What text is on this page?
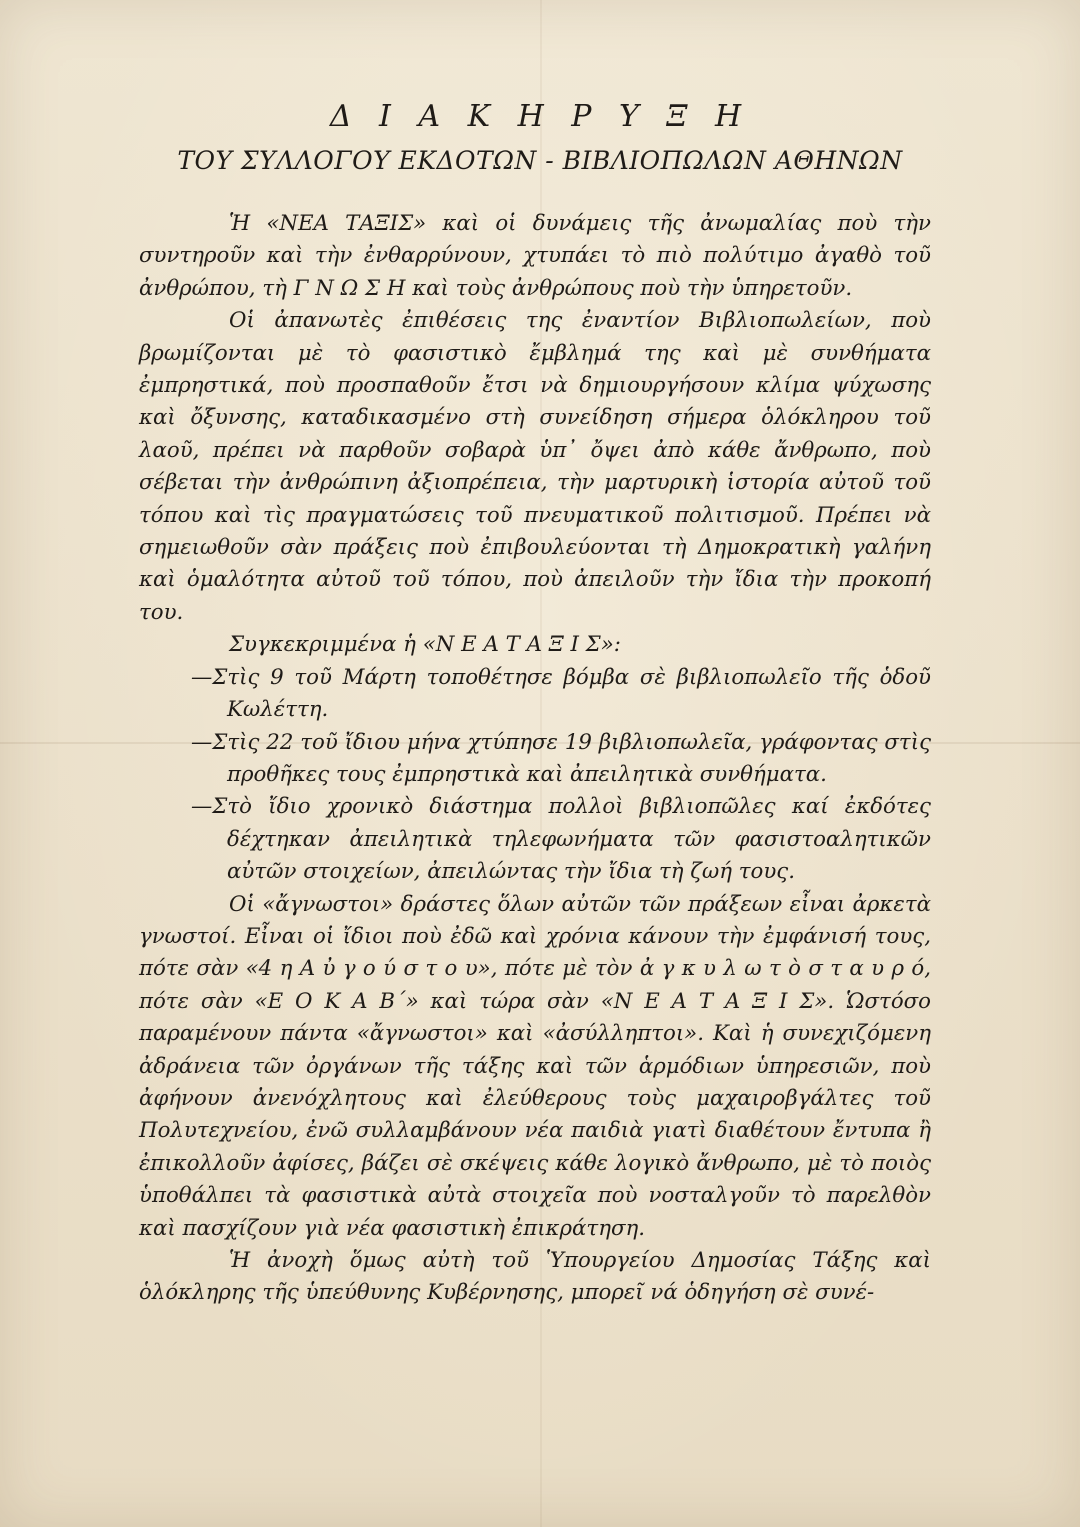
Δ Ι Α Κ Η Ρ Υ Ξ Η
ΤΟΥ ΣΥΛΛΟΓΟΥ ΕΚΔΟΤΩΝ - ΒΙΒΛΙΟΠΩΛΩΝ ΑΘΗΝΩΝ

Ἡ «ΝΕΑ ΤΑΞΙΣ» καὶ οἱ δυνάμεις τῆς ἀνωμαλίας ποὺ τὴν συντηροῦν καὶ τὴν ἐνθαρρύνουν, χτυπάει τὸ πιὸ πολύτιμο ἀγαθὸ τοῦ ἀνθρώπου, τὴ Γ Ν Ω Σ Η καὶ τοὺς ἀνθρώπους ποὺ τὴν ὑπηρετοῦν.

Οἱ ἀπανωτὲς ἐπιθέσεις της ἐναντίον Βιβλιοπωλείων, ποὺ βρωμίζονται μὲ τὸ φασιστικὸ ἔμβλημά της καὶ μὲ συνθήματα ἐμπρηστικά, ποὺ προσπαθοῦν ἔτσι νὰ δημιουργήσουν κλίμα ψύχωσης καὶ ὄξυνσης, καταδικασμένο στὴ συνείδηση σήμερα ὁλόκληρου τοῦ λαοῦ, πρέπει νὰ παρθοῦν σοβαρὰ ὑπ᾿ ὄψει ἀπὸ κάθε ἄνθρωπο, ποὺ σέβεται τὴν ἀνθρώπινη ἀξιοπρέπεια, τὴν μαρτυρικὴ ἱστορία αὐτοῦ τοῦ τόπου καὶ τὶς πραγματώσεις τοῦ πνευματικοῦ πολιτισμοῦ. Πρέπει νὰ σημειωθοῦν σὰν πράξεις ποὺ ἐπιβουλεύονται τὴ Δημοκρατικὴ γαλήνη καὶ ὁμαλότητα αὐτοῦ τοῦ τόπου, ποὺ ἀπειλοῦν τὴν ἴδια τὴν προκοπή του.

Συγκεκριμμένα ἡ «Ν Ε Α Τ Α Ξ Ι Σ»:

—Στὶς 9 τοῦ Μάρτη τοποθέτησε βόμβα σὲ βιβλιοπωλεῖο τῆς ὁδοῦ Κωλέττη.

—Στὶς 22 τοῦ ἴδιου μήνα χτύπησε 19 βιβλιοπωλεῖα, γράφοντας στὶς προθῆκες τους ἐμπρηστικὰ καὶ ἀπειλητικὰ συνθήματα.

—Στὸ ἴδιο χρονικὸ διάστημα πολλοὶ βιβλιοπῶλες καί ἐκδότες δέχτηκαν ἀπειλητικὰ τηλεφωνήματα τῶν φασιστοαλητικῶν αὐτῶν στοιχείων, ἀπειλώντας τὴν ἴδια τὴ ζωή τους.

Οἱ «ἄγνωστοι» δράστες ὅλων αὐτῶν τῶν πράξεων εἶναι ἀρκετὰ γνωστοί. Εἶναι οἱ ἴδιοι ποὺ ἐδῶ καὶ χρόνια κάνουν τὴν ἐμφάνισή τους, πότε σὰν «4 η Α ὐ γ ο ύ σ τ ο υ», πότε μὲ τὸν ἀ γ κ υ λ ω τ ὸ σ τ α υ ρ ό, πότε σὰν «Ε Ο Κ Α Β΄» καὶ τώρα σὰν «Ν Ε Α Τ Α Ξ Ι Σ». Ὡστόσο παραμένουν πάντα «ἄγνωστοι» καὶ «ἀσύλληπτοι». Καὶ ἡ συνεχιζόμενη ἀδράνεια τῶν ὀργάνων τῆς τάξης καὶ τῶν ἁρμόδιων ὑπηρεσιῶν, ποὺ ἀφήνουν ἀνενόχλητους καὶ ἐλεύθερους τοὺς μαχαιροβγάλτες τοῦ Πολυτεχνείου, ἐνῶ συλλαμβάνουν νέα παιδιὰ γιατὶ διαθέτουν ἔντυπα ἢ ἐπικολλοῦν ἀφίσες, βάζει σὲ σκέψεις κάθε λογικὸ ἄνθρωπο, μὲ τὸ ποιὸς ὑποθάλπει τὰ φασιστικὰ αὐτὰ στοιχεῖα ποὺ νοσταλγοῦν τὸ παρελθὸν καὶ πασχίζουν γιὰ νέα φασιστικὴ ἐπικράτηση.

Ἡ ἀνοχὴ ὅμως αὐτὴ τοῦ Ὑπουργείου Δημοσίας Τάξης καὶ ὁλόκληρης τῆς ὑπεύθυνης Κυβέρνησης, μπορεῖ νά ὁδηγήση σὲ συνέ-
